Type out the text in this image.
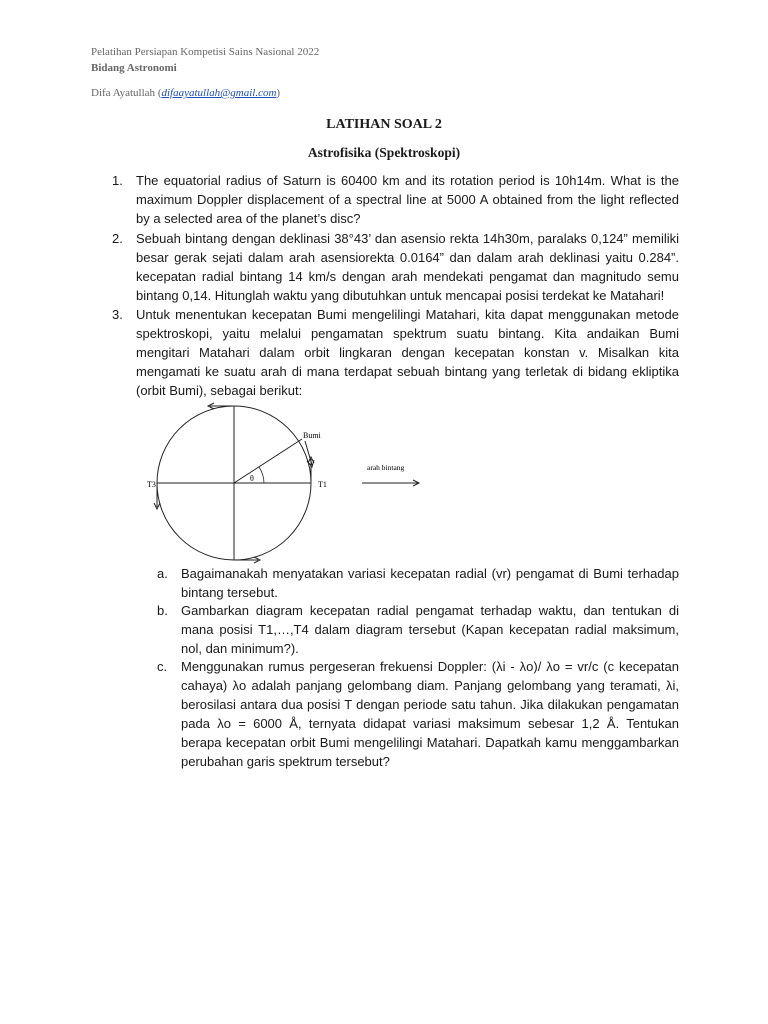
Pelatihan Persiapan Kompetisi Sains Nasional 2022
Bidang Astronomi
Difa Ayatullah (difaayatullah@gmail.com)
LATIHAN SOAL 2
Astrofisika (Spektroskopi)
1. The equatorial radius of Saturn is 60400 km and its rotation period is 10h14m. What is the maximum Doppler displacement of a spectral line at 5000 A obtained from the light reflected by a selected area of the planet’s disc?
2. Sebuah bintang dengan deklinasi 38°43’ dan asensio rekta 14h30m, paralaks 0,124” memiliki besar gerak sejati dalam arah asensiorekta 0.0164” dan dalam arah deklinasi yaitu 0.284”. kecepatan radial bintang 14 km/s dengan arah mendekati pengamat dan magnitudo semu bintang 0,14. Hitunglah waktu yang dibutuhkan untuk mencapai posisi terdekat ke Matahari!
3. Untuk menentukan kecepatan Bumi mengelilingi Matahari, kita dapat menggunakan metode spektroskopi, yaitu melalui pengamatan spektrum suatu bintang. Kita andaikan Bumi mengitari Matahari dalam orbit lingkaran dengan kecepatan konstan v. Misalkan kita mengamati ke suatu arah di mana terdapat sebuah bintang yang terletak di bidang ekliptika (orbit Bumi), sebagai berikut:
θ
Bumi
T3	T1
arah bintang
a. Bagaimanakah menyatakan variasi kecepatan radial (vr) pengamat di Bumi terhadap bintang tersebut.
b. Gambarkan diagram kecepatan radial pengamat terhadap waktu, dan tentukan di mana posisi T1,…,T4 dalam diagram tersebut (Kapan kecepatan radial maksimum, nol, dan minimum?).
c. Menggunakan rumus pergeseran frekuensi Doppler: (λi - λo)/ λo = vr/c (c kecepatan cahaya) λo adalah panjang gelombang diam. Panjang gelombang yang teramati, λi, berosilasi antara dua posisi T dengan periode satu tahun. Jika dilakukan pengamatan pada λo = 6000 Å, ternyata didapat variasi maksimum sebesar 1,2 Å. Tentukan berapa kecepatan orbit Bumi mengelilingi Matahari. Dapatkah kamu menggambarkan perubahan garis spektrum tersebut?
